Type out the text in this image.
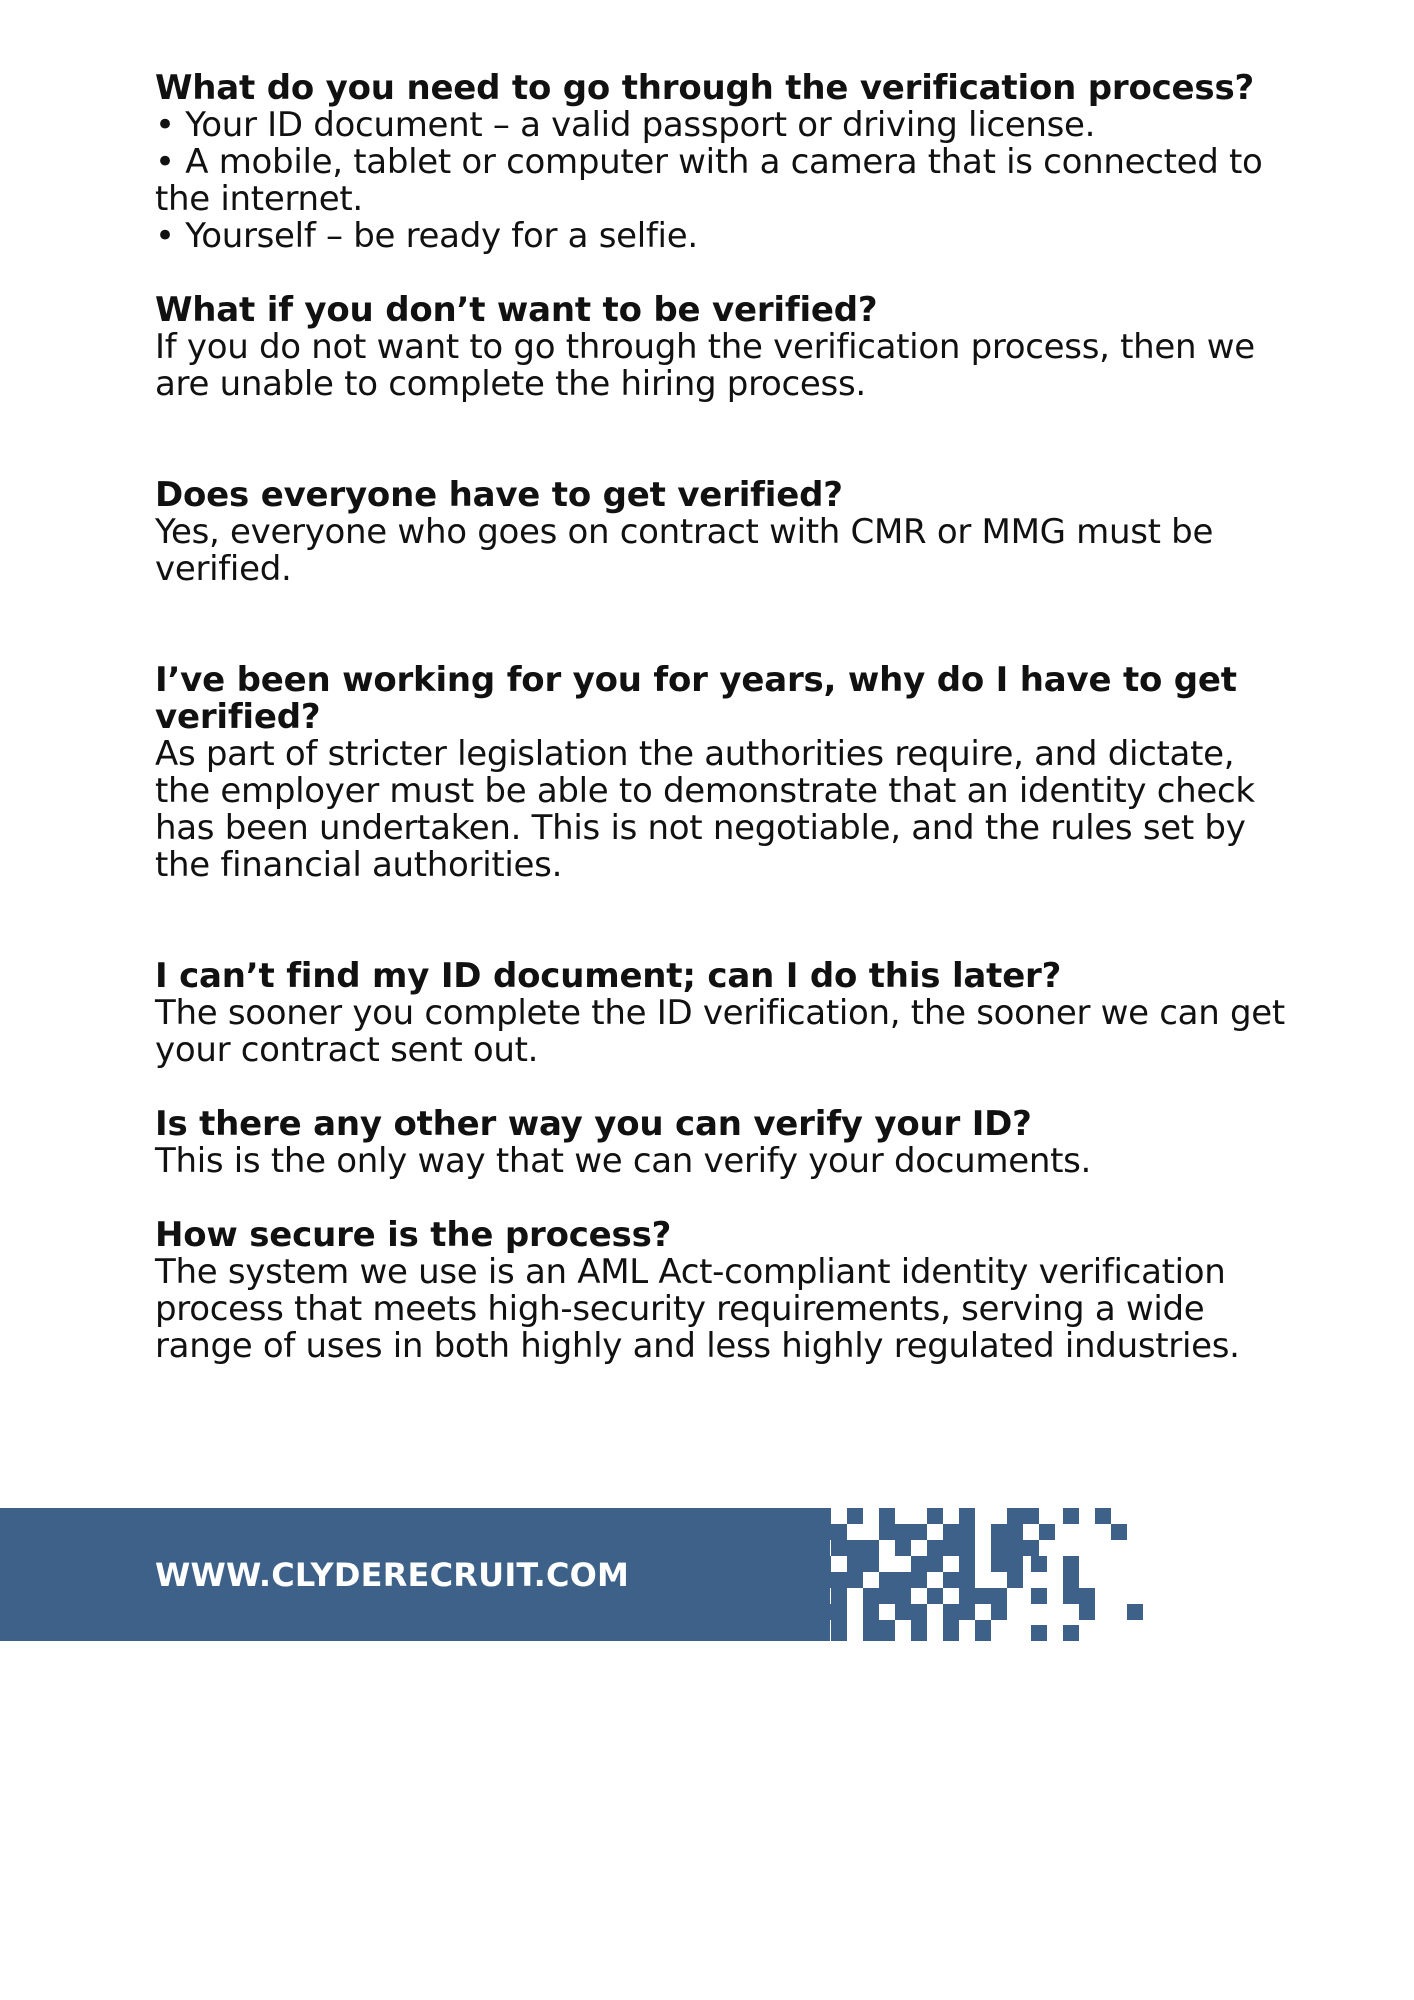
What do you need to go through the verification process?
• Your ID document – a valid passport or driving license.
• A mobile, tablet or computer with a camera that is connected to the internet.
• Yourself – be ready for a selfie.
What if you don’t want to be verified?

If you do not want to go through the verification process, then we are unable to complete the hiring process.

Does everyone have to get verified?

Yes, everyone who goes on contract with CMR or MMG must be verified.

I’ve been working for you for years, why do I have to get verified?

As part of stricter legislation the authorities require, and dictate, the employer must be able to demonstrate that an identity check has been undertaken. This is not negotiable, and the rules set by the financial authorities.

I can’t find my ID document; can I do this later?

The sooner you complete the ID verification, the sooner we can get your contract sent out.

Is there any other way you can verify your ID?

This is the only way that we can verify your documents.

How secure is the process?

The system we use is an AML Act-compliant identity verification process that meets high-security requirements, serving a wide range of uses in both highly and less highly regulated industries.

WWW.CLYDERECRUIT.COM
